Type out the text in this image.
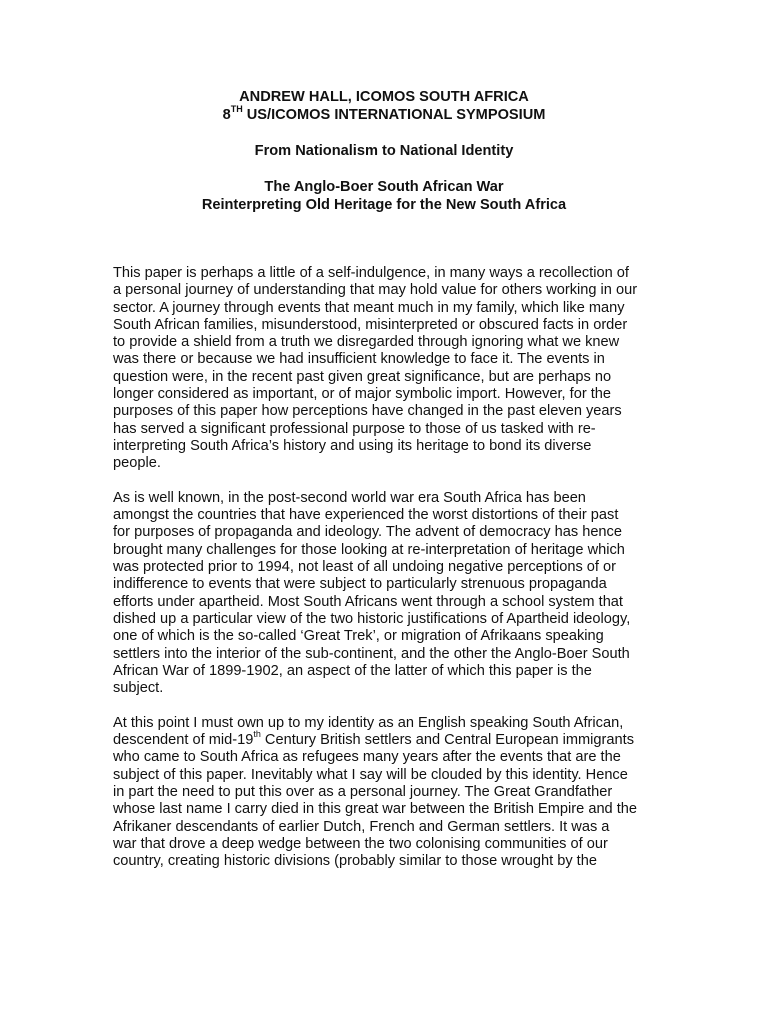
ANDREW HALL, ICOMOS SOUTH AFRICA
8TH US/ICOMOS INTERNATIONAL SYMPOSIUM
From Nationalism to National Identity
The Anglo-Boer South African War
Reinterpreting Old Heritage for the New South Africa

This paper is perhaps a little of a self-indulgence, in many ways a recollection of
a personal journey of understanding that may hold value for others working in our
sector. A journey through events that meant much in my family, which like many
South African families, misunderstood, misinterpreted or obscured facts in order
to provide a shield from a truth we disregarded through ignoring what we knew
was there or because we had insufficient knowledge to face it. The events in
question were, in the recent past given great significance, but are perhaps no
longer considered as important, or of major symbolic import. However, for the
purposes of this paper how perceptions have changed in the past eleven years
has served a significant professional purpose to those of us tasked with re-
interpreting South Africa’s history and using its heritage to bond its diverse
people.

As is well known, in the post-second world war era South Africa has been
amongst the countries that have experienced the worst distortions of their past
for purposes of propaganda and ideology. The advent of democracy has hence
brought many challenges for those looking at re-interpretation of heritage which
was protected prior to 1994, not least of all undoing negative perceptions of or
indifference to events that were subject to particularly strenuous propaganda
efforts under apartheid. Most South Africans went through a school system that
dished up a particular view of the two historic justifications of Apartheid ideology,
one of which is the so-called ‘Great Trek’, or migration of Afrikaans speaking
settlers into the interior of the sub-continent, and the other the Anglo-Boer South
African War of 1899-1902, an aspect of the latter of which this paper is the
subject.

At this point I must own up to my identity as an English speaking South African,
descendent of mid-19th Century British settlers and Central European immigrants
who came to South Africa as refugees many years after the events that are the
subject of this paper. Inevitably what I say will be clouded by this identity. Hence
in part the need to put this over as a personal journey. The Great Grandfather
whose last name I carry died in this great war between the British Empire and the
Afrikaner descendants of earlier Dutch, French and German settlers. It was a
war that drove a deep wedge between the two colonising communities of our
country, creating historic divisions (probably similar to those wrought by the
